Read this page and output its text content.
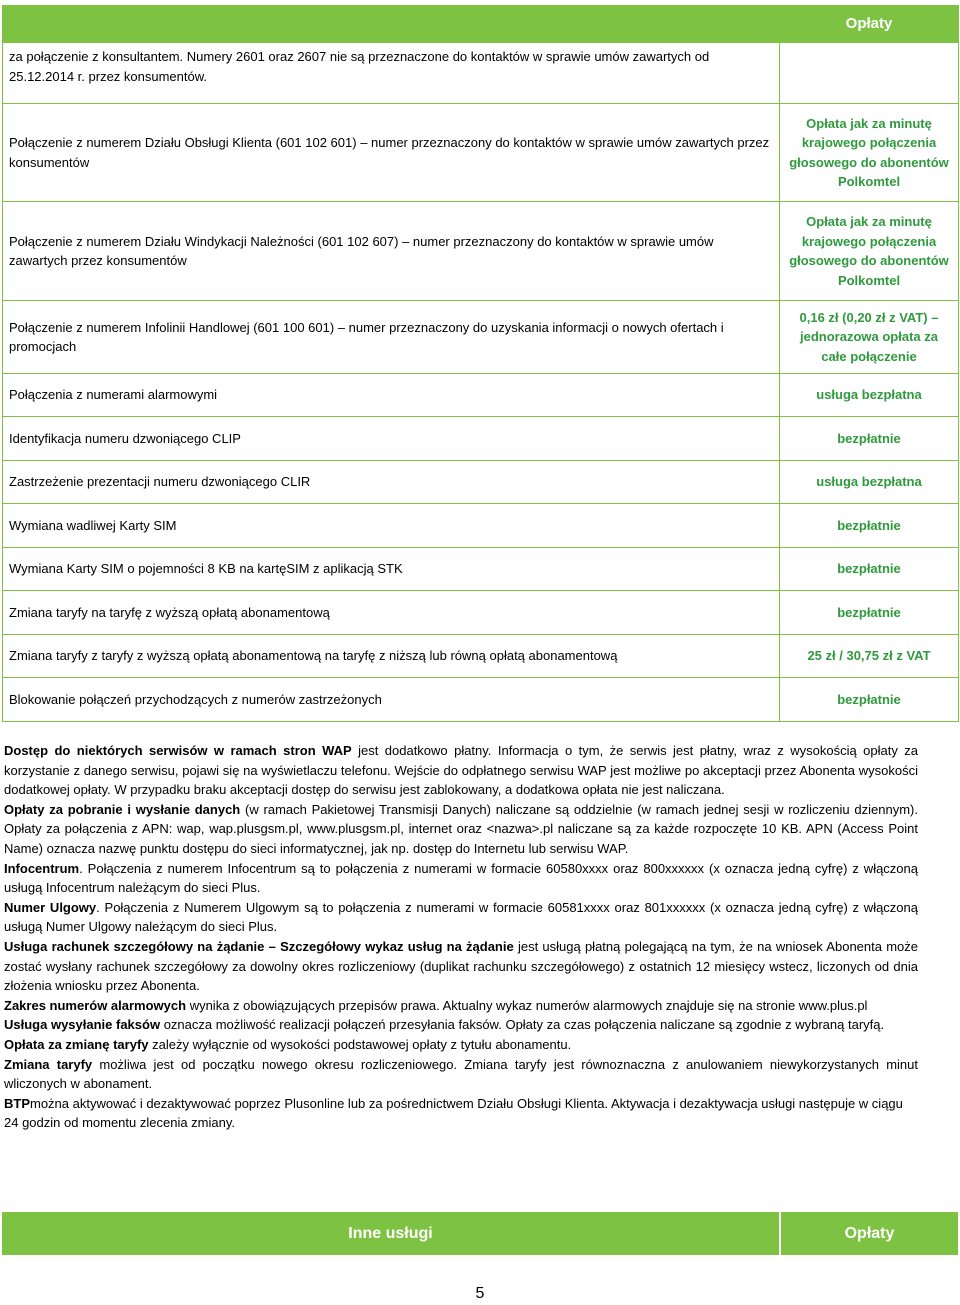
	Opłaty
za połączenie z konsultantem. Numery 2601 oraz 2607 nie są przeznaczone do kontaktów w sprawie umów zawartych od 25.12.2014 r. przez konsumentów.	
Połączenie z numerem Działu Obsługi Klienta (601 102 601) – numer przeznaczony do kontaktów w sprawie umów zawartych przez konsumentów	Opłata jak za minutę krajowego połączenia głosowego do abonentów Polkomtel
Połączenie z numerem Działu Windykacji Należności (601 102 607) – numer przeznaczony do kontaktów w sprawie umów zawartych przez konsumentów	Opłata jak za minutę krajowego połączenia głosowego do abonentów Polkomtel
Połączenie z numerem Infolinii Handlowej (601 100 601) – numer przeznaczony do uzyskania informacji o nowych ofertach i promocjach	0,16 zł (0,20 zł z VAT) – jednorazowa opłata za całe połączenie
Połączenia z numerami alarmowymi	usługa bezpłatna
Identyfikacja numeru dzwoniącego CLIP	bezpłatnie
Zastrzeżenie prezentacji numeru dzwoniącego CLIR	usługa bezpłatna
Wymiana wadliwej Karty SIM	bezpłatnie
Wymiana Karty SIM o pojemności 8 KB na kartęSIM z aplikacją STK	bezpłatnie
Zmiana taryfy na taryfę z wyższą opłatą abonamentową	bezpłatnie
Zmiana taryfy z taryfy z wyższą opłatą abonamentową na taryfę z niższą lub równą opłatą abonamentową	25 zł / 30,75 zł z VAT
Blokowanie połączeń przychodzących z numerów zastrzeżonych	bezpłatnie

Dostęp do niektórych serwisów w ramach stron WAP jest dodatkowo płatny. Informacja o tym, że serwis jest płatny, wraz z wysokością opłaty za korzystanie z danego serwisu, pojawi się na wyświetlaczu telefonu. Wejście do odpłatnego serwisu WAP jest możliwe po akceptacji przez Abonenta wysokości dodatkowej opłaty. W przypadku braku akceptacji dostęp do serwisu jest zablokowany, a dodatkowa opłata nie jest naliczana.

Opłaty za pobranie i wysłanie danych (w ramach Pakietowej Transmisji Danych) naliczane są oddzielnie (w ramach jednej sesji w rozliczeniu dziennym). Opłaty za połączenia z APN: wap, wap.plusgsm.pl, www.plusgsm.pl, internet oraz <nazwa>.pl naliczane są za każde rozpoczęte 10 KB. APN (Access Point Name) oznacza nazwę punktu dostępu do sieci informatycznej, jak np. dostęp do Internetu lub serwisu WAP.

Infocentrum. Połączenia z numerem Infocentrum są to połączenia z numerami w formacie 60580xxxx oraz 800xxxxxx (x oznacza jedną cyfrę) z włączoną usługą Infocentrum należącym do sieci Plus.

Numer Ulgowy. Połączenia z Numerem Ulgowym są to połączenia z numerami w formacie 60581xxxx oraz 801xxxxxx (x oznacza jedną cyfrę) z włączoną usługą Numer Ulgowy należącym do sieci Plus.

Usługa rachunek szczegółowy na żądanie – Szczegółowy wykaz usług na żądanie jest usługą płatną polegającą na tym, że na wniosek Abonenta może zostać wysłany rachunek szczegółowy za dowolny okres rozliczeniowy (duplikat rachunku szczegółowego) z ostatnich 12 miesięcy wstecz, liczonych od dnia złożenia wniosku przez Abonenta.

Zakres numerów alarmowych wynika z obowiązujących przepisów prawa. Aktualny wykaz numerów alarmowych znajduje się na stronie www.plus.pl

Usługa wysyłanie faksów oznacza możliwość realizacji połączeń przesyłania faksów. Opłaty za czas połączenia naliczane są zgodnie z wybraną taryfą.

Opłata za zmianę taryfy zależy wyłącznie od wysokości podstawowej opłaty z tytułu abonamentu.

Zmiana taryfy możliwa jest od początku nowego okresu rozliczeniowego. Zmiana taryfy jest równoznaczna z anulowaniem niewykorzystanych minut wliczonych w abonament.

BTPmożna aktywować i dezaktywować poprzez Plusonline lub za pośrednictwem Działu Obsługi Klienta. Aktywacja i dezaktywacja usługi następuje w ciągu 24 godzin od momentu zlecenia zmiany.

Inne usługi	Opłaty
5
